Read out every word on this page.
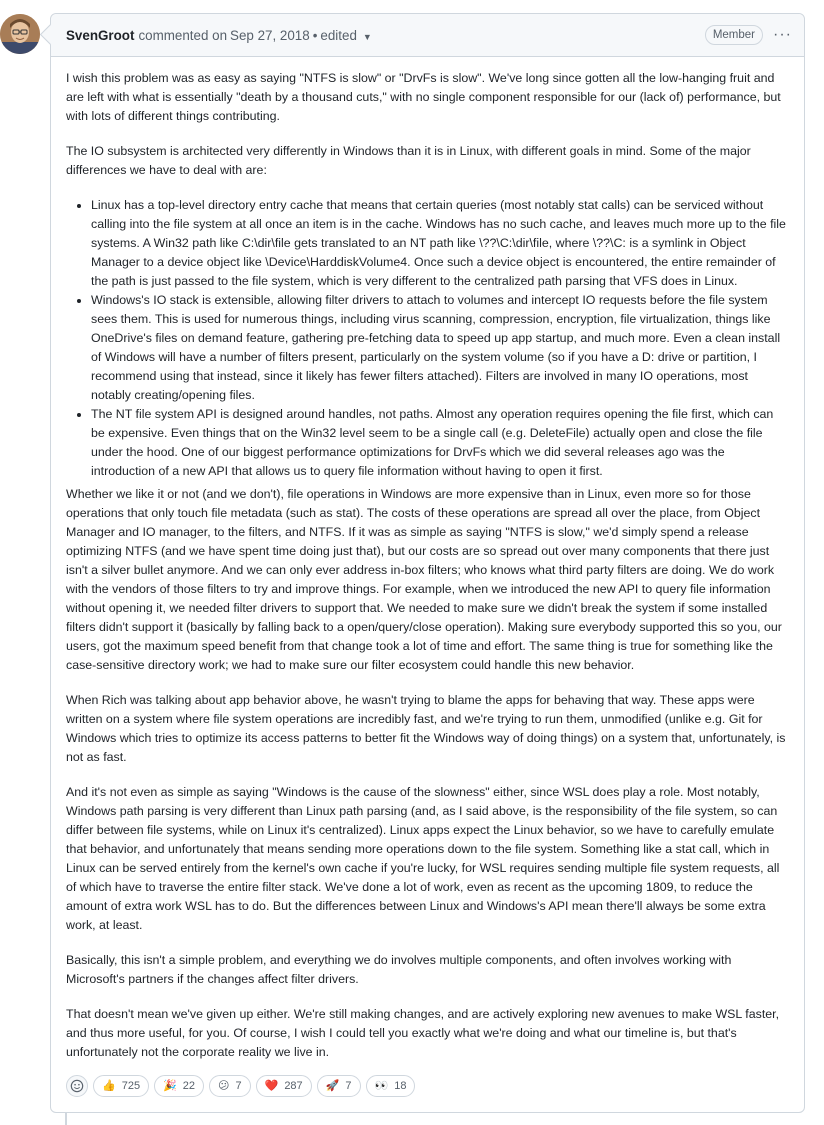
SvenGroot commented on Sep 27, 2018 • edited ▼	Member	···

I wish this problem was as easy as saying "NTFS is slow" or "DrvFs is slow". We've long since gotten all the low-hanging fruit and are left with what is essentially "death by a thousand cuts," with no single component responsible for our (lack of) performance, but with lots of different things contributing.

The IO subsystem is architected very differently in Windows than it is in Linux, with different goals in mind. Some of the major differences we have to deal with are:

• Linux has a top-level directory entry cache that means that certain queries (most notably stat calls) can be serviced without calling into the file system at all once an item is in the cache. Windows has no such cache, and leaves much more up to the file systems. A Win32 path like C:\dir\file gets translated to an NT path like \??\C:\dir\file, where \??\C: is a symlink in Object Manager to a device object like \Device\HarddiskVolume4. Once such a device object is encountered, the entire remainder of the path is just passed to the file system, which is very different to the centralized path parsing that VFS does in Linux.
• Windows's IO stack is extensible, allowing filter drivers to attach to volumes and intercept IO requests before the file system sees them. This is used for numerous things, including virus scanning, compression, encryption, file virtualization, things like OneDrive's files on demand feature, gathering pre-fetching data to speed up app startup, and much more. Even a clean install of Windows will have a number of filters present, particularly on the system volume (so if you have a D: drive or partition, I recommend using that instead, since it likely has fewer filters attached). Filters are involved in many IO operations, most notably creating/opening files.
• The NT file system API is designed around handles, not paths. Almost any operation requires opening the file first, which can be expensive. Even things that on the Win32 level seem to be a single call (e.g. DeleteFile) actually open and close the file under the hood. One of our biggest performance optimizations for DrvFs which we did several releases ago was the introduction of a new API that allows us to query file information without having to open it first.

Whether we like it or not (and we don't), file operations in Windows are more expensive than in Linux, even more so for those operations that only touch file metadata (such as stat). The costs of these operations are spread all over the place, from Object Manager and IO manager, to the filters, and NTFS. If it was as simple as saying "NTFS is slow," we'd simply spend a release optimizing NTFS (and we have spent time doing just that), but our costs are so spread out over many components that there just isn't a silver bullet anymore. And we can only ever address in-box filters; who knows what third party filters are doing. We do work with the vendors of those filters to try and improve things. For example, when we introduced the new API to query file information without opening it, we needed filter drivers to support that. We needed to make sure we didn't break the system if some installed filters didn't support it (basically by falling back to a open/query/close operation). Making sure everybody supported this so you, our users, got the maximum speed benefit from that change took a lot of time and effort. The same thing is true for something like the case-sensitive directory work; we had to make sure our filter ecosystem could handle this new behavior.

When Rich was talking about app behavior above, he wasn't trying to blame the apps for behaving that way. These apps were written on a system where file system operations are incredibly fast, and we're trying to run them, unmodified (unlike e.g. Git for Windows which tries to optimize its access patterns to better fit the Windows way of doing things) on a system that, unfortunately, is not as fast.

And it's not even as simple as saying "Windows is the cause of the slowness" either, since WSL does play a role. Most notably, Windows path parsing is very different than Linux path parsing (and, as I said above, is the responsibility of the file system, so can differ between file systems, while on Linux it's centralized). Linux apps expect the Linux behavior, so we have to carefully emulate that behavior, and unfortunately that means sending more operations down to the file system. Something like a stat call, which in Linux can be served entirely from the kernel's own cache if you're lucky, for WSL requires sending multiple file system requests, all of which have to traverse the entire filter stack. We've done a lot of work, even as recent as the upcoming 1809, to reduce the amount of extra work WSL has to do. But the differences between Linux and Windows's API mean there'll always be some extra work, at least.

Basically, this isn't a simple problem, and everything we do involves multiple components, and often involves working with Microsoft's partners if the changes affect filter drivers.

That doesn't mean we've given up either. We're still making changes, and are actively exploring new avenues to make WSL faster, and thus more useful, for you. Of course, I wish I could tell you exactly what we're doing and what our timeline is, but that's unfortunately not the corporate reality we live in.

👍 725 🎉 22 😕 7 ❤️ 287 🚀 7 👀 18
